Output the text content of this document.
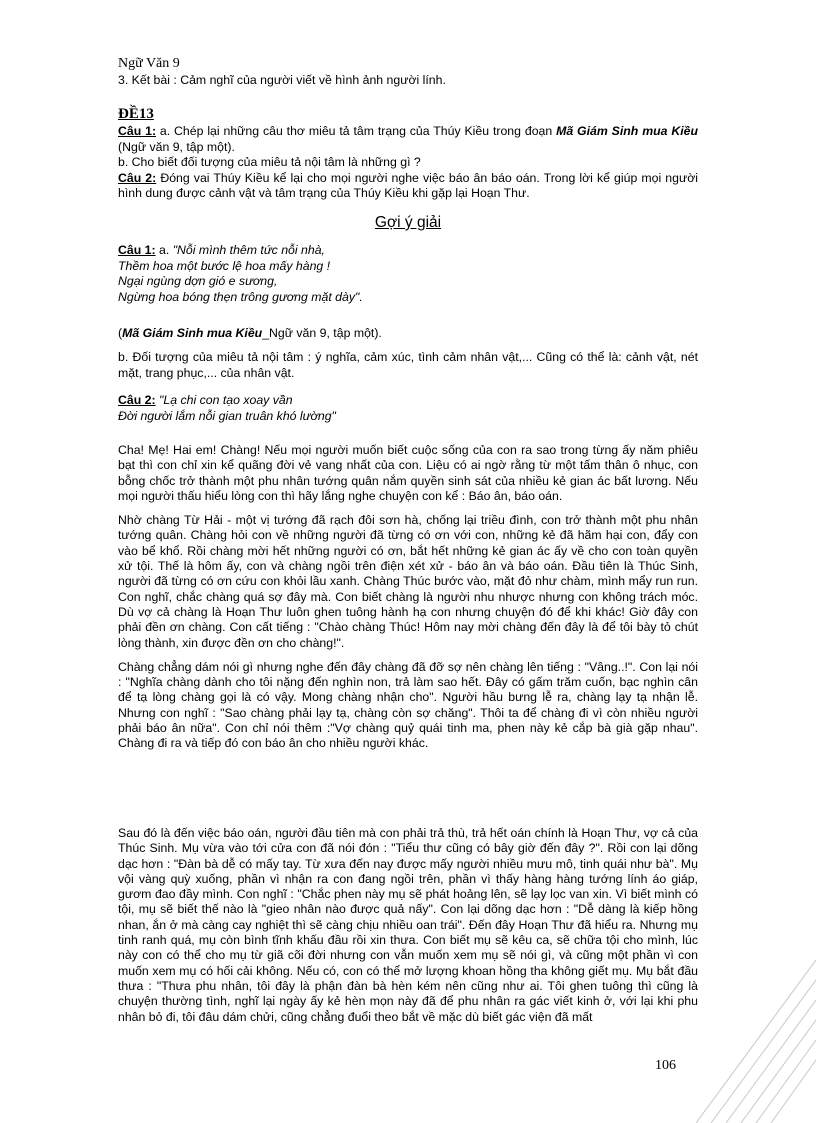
Ngữ Văn 9
3. Kết bài : Cảm nghĩ của người viết về hình ảnh người lính.
ĐỀ13

Câu 1: a. Chép lại những câu thơ miêu tả tâm trạng của Thúy Kiều trong đoạn Mã Giám Sinh mua Kiều (Ngữ văn 9, tập một).

b. Cho biết đối tượng của miêu tả nội tâm là những gì ?

Câu 2: Đóng vai Thúy Kiều kể lại cho mọi người nghe việc báo ân báo oán. Trong lời kể giúp mọi người hình dung được cảnh vật và tâm trạng của Thúy Kiều khi gặp lại Hoạn Thư.

Gợi ý giải
Câu 1: a. "Nỗi mình thêm tức nỗi nhà,
Thềm hoa một bước lệ hoa mấy hàng !
Ngại ngùng dợn gió e sương,
Ngừng hoa bóng thẹn trông gương mặt dày".

(Mã Giám Sinh mua Kiều_Ngữ văn 9, tập một).

b. Đối tượng của miêu tả nội tâm : ý nghĩa, cảm xúc, tình cảm nhân vật,... Cũng có thể là: cảnh vật, nét mặt, trang phục,... của nhân vật.

Câu 2: "Lạ chi con tạo xoay vần

Đời người lắm nỗi gian truân khó lường"

Cha! Mẹ! Hai em! Chàng! Nếu mọi người muốn biết cuộc sống của con ra sao trong từng ấy năm phiêu bạt thì con chỉ xin kể quãng đời vẻ vang nhất của con. Liệu có ai ngờ rằng từ một tấm thân ô nhục, con bỗng chốc trở thành một phu nhân tướng quân nắm quyền sinh sát của nhiều kẻ gian ác bất lương. Nếu mọi người thấu hiểu lòng con thì hãy lắng nghe chuyện con kể : Báo ân, báo oán.

Nhờ chàng Từ Hải - một vị tướng đã rạch đôi sơn hà, chống lại triều đình, con trở thành một phu nhân tướng quân. Chàng hỏi con về những người đã từng có ơn với con, những kẻ đã hãm hại con, đẩy con vào bể khổ. Rồi chàng mời hết những người có ơn, bắt hết những kẻ gian ác ấy về cho con toàn quyền xử tội. Thế là hôm ấy, con và chàng ngồi trên điện xét xử - báo ân và báo oán. Đầu tiên là Thúc Sinh, người đã từng có ơn cứu con khỏi lầu xanh. Chàng Thúc bước vào, mặt đỏ như chàm, mình mẩy run run. Con nghĩ, chắc chàng quá sợ đây mà. Con biết chàng là người nhu nhược nhưng con không trách móc. Dù vợ cả chàng là Hoạn Thư luôn ghen tuông hành hạ con nhưng chuyện đó để khi khác! Giờ đây con phải đền ơn chàng. Con cất tiếng : "Chào chàng Thúc! Hôm nay mời chàng đến đây là để tôi bày tỏ chút lòng thành, xin được đền ơn cho chàng!".

Chàng chẳng dám nói gì nhưng nghe đến đây chàng đã đỡ sợ nên chàng lên tiếng : "Vâng..!". Con lại nói : "Nghĩa chàng dành cho tôi nặng đến nghìn non, trả làm sao hết. Đây có gấm trăm cuốn, bạc nghìn cân để tạ lòng chàng gọi là có vậy. Mong chàng nhận cho". Người hầu bưng lễ ra, chàng lạy tạ nhận lễ. Nhưng con nghĩ : "Sao chàng phải lạy tạ, chàng còn sợ chăng". Thôi ta để chàng đi vì còn nhiều người phải báo ân nữa". Con chỉ nói thêm :"Vợ chàng quỷ quái tinh ma, phen này kẻ cắp bà già gặp nhau". Chàng đi ra và tiếp đó con báo ân cho nhiều người khác.

Sau đó là đến việc báo oán, người đầu tiên mà con phải trả thù, trả hết oán chính là Hoạn Thư, vợ cả của Thúc Sinh. Mụ vừa vào tới cửa con đã nói đón : "Tiểu thư cũng có bây giờ đến đây ?". Rồi con lại dõng dạc hơn : "Đàn bà dễ có mấy tay. Từ xưa đến nay được mấy người nhiều mưu mô, tinh quái như bà". Mụ vội vàng quỳ xuống, phần vì nhận ra con đang ngồi trên, phần vì thấy hàng hàng tướng lính áo giáp, gươm đao đầy mình. Con nghĩ : "Chắc phen này mụ sẽ phát hoảng lên, sẽ lạy lọc van xin. Vì biết mình có tội, mụ sẽ biết thế nào là "gieo nhân nào được quả nấy". Con lại dõng dạc hơn : "Dễ dàng là kiếp hồng nhan, ắn ở mà càng cay nghiệt thì sẽ càng chịu nhiều oan trái". Đến đây Hoạn Thư đã hiểu ra. Nhưng mụ tinh ranh quá, mụ còn bình tĩnh khấu đầu rồi xin thưa. Con biết mụ sẽ kêu ca, sẽ chữa tội cho mình, lúc này con có thể cho mụ từ giã cõi đời nhưng con vẫn muốn xem mụ sẽ nói gì, và cũng một phần vì con muốn xem mụ có hối cải không. Nếu có, con có thể mở lượng khoan hồng tha không giết mụ. Mụ bắt đầu thưa : "Thưa phu nhân, tôi đây là phận đàn bà hèn kém nên cũng như ai. Tôi ghen tuông thì cũng là chuyện thường tình, nghĩ lại ngày ấy kẻ hèn mọn này đã để phu nhân ra gác viết kinh ở, với lại khi phu nhân bỏ đi, tôi đâu dám chửi, cũng chẳng đuổi theo bắt về mặc dù biết gác viện đã mất

106
